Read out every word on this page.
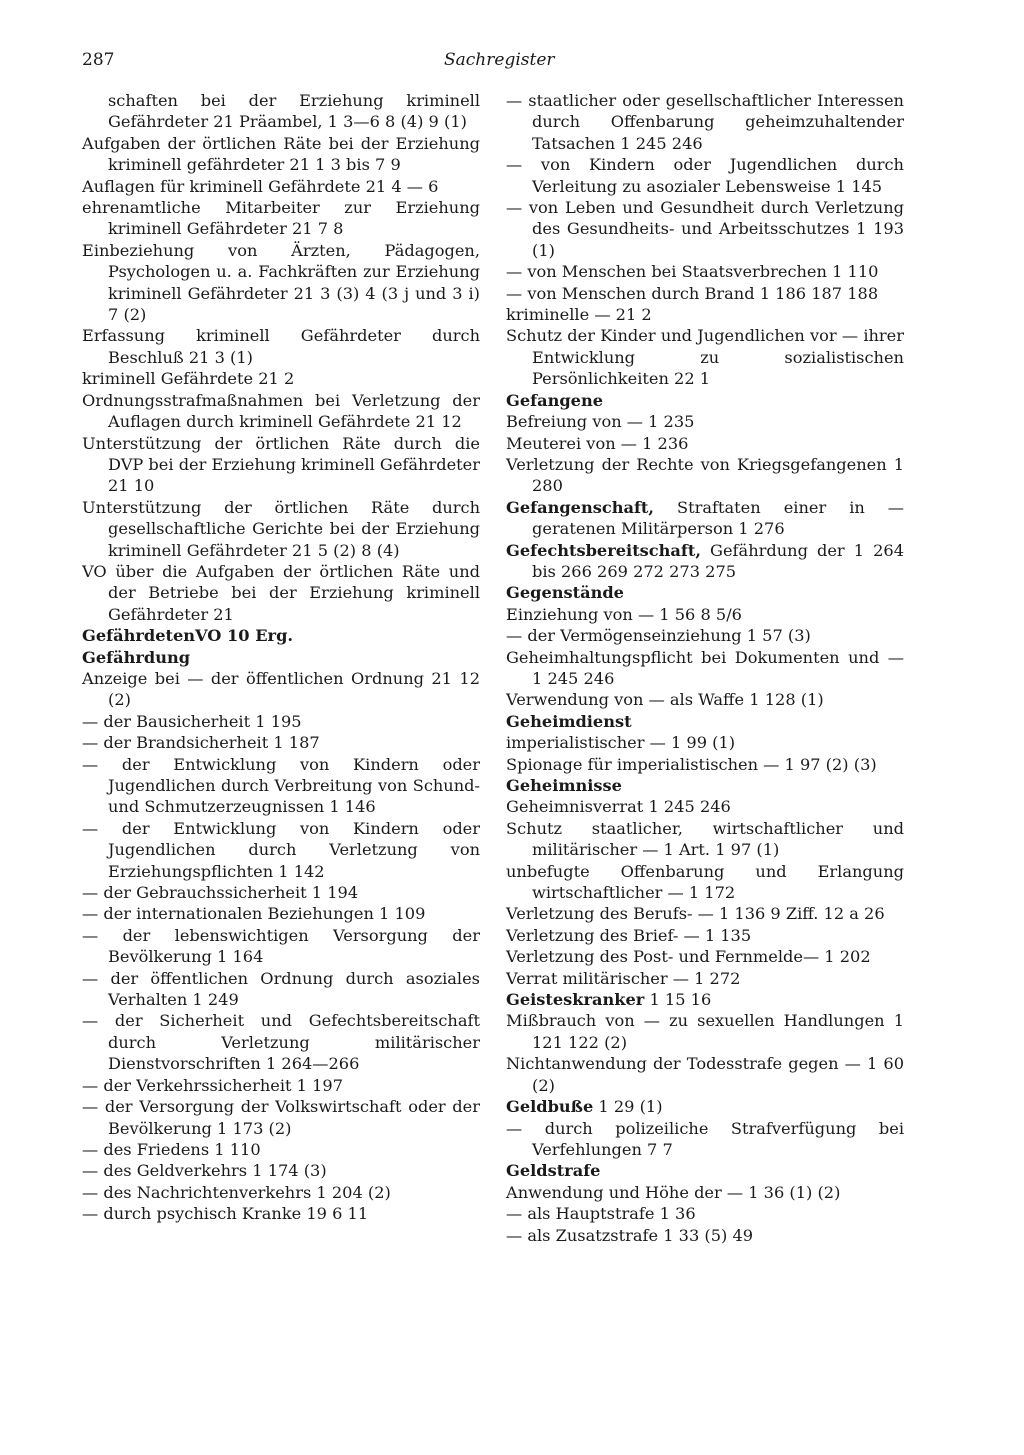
287	Sachregister

schaften bei der Erziehung kriminell Gefährdeter 21 Präambel, 1 3—6 8 (4) 9 (1)

Aufgaben der örtlichen Räte bei der Erziehung kriminell gefährdeter 21 1 3 bis 7 9

Auflagen für kriminell Gefährdete 21 4 — 6

ehrenamtliche Mitarbeiter zur Erziehung kriminell Gefährdeter 21 7 8

Einbeziehung von Ärzten, Pädagogen, Psychologen u. a. Fachkräften zur Erziehung kriminell Gefährdeter 21 3 (3) 4 (3 j und 3 i) 7 (2)

Erfassung kriminell Gefährdeter durch Beschluß 21 3 (1)

kriminell Gefährdete 21 2

Ordnungsstrafmaßnahmen bei Verletzung der Auflagen durch kriminell Gefährdete 21 12

Unterstützung der örtlichen Räte durch die DVP bei der Erziehung kriminell Gefährdeter 21 10

Unterstützung der örtlichen Räte durch gesellschaftliche Gerichte bei der Erziehung kriminell Gefährdeter 21 5 (2) 8 (4)

VO über die Aufgaben der örtlichen Räte und der Betriebe bei der Erziehung kriminell Gefährdeter 21

GefährdetenVO 10 Erg.

Gefährdung

Anzeige bei — der öffentlichen Ordnung 21 12 (2)

— der Bausicherheit 1 195

— der Brandsicherheit 1 187

— der Entwicklung von Kindern oder Jugendlichen durch Verbreitung von Schund- und Schmutzerzeugnissen 1 146

— der Entwicklung von Kindern oder Jugendlichen durch Verletzung von Erziehungspflichten 1 142

— der Gebrauchssicherheit 1 194

— der internationalen Beziehungen 1 109

— der lebenswichtigen Versorgung der Bevölkerung 1 164

— der öffentlichen Ordnung durch asoziales Verhalten 1 249

— der Sicherheit und Gefechtsbereitschaft durch Verletzung militärischer Dienstvorschriften 1 264—266

— der Verkehrssicherheit 1 197

— der Versorgung der Volkswirtschaft oder der Bevölkerung 1 173 (2)

— des Friedens 1 110

— des Geldverkehrs 1 174 (3)

— des Nachrichtenverkehrs 1 204 (2)

— durch psychisch Kranke 19 6 11

— staatlicher oder gesellschaftlicher Interessen durch Offenbarung geheimzuhaltender Tatsachen 1 245 246

— von Kindern oder Jugendlichen durch Verleitung zu asozialer Lebensweise 1 145

— von Leben und Gesundheit durch Verletzung des Gesundheits- und Arbeitsschutzes 1 193 (1)

— von Menschen bei Staatsverbrechen 1 110

— von Menschen durch Brand 1 186 187 188

kriminelle — 21 2

Schutz der Kinder und Jugendlichen vor — ihrer Entwicklung zu sozialistischen Persönlichkeiten 22 1

Gefangene

Befreiung von — 1 235

Meuterei von — 1 236

Verletzung der Rechte von Kriegsgefangenen 1 280

Gefangenschaft, Straftaten einer in — geratenen Militärperson 1 276

Gefechtsbereitschaft, Gefährdung der 1 264 bis 266 269 272 273 275

Gegenstände

Einziehung von — 1 56 8 5/6

— der Vermögenseinziehung 1 57 (3)

Geheimhaltungspflicht bei Dokumenten und — 1 245 246

Verwendung von — als Waffe 1 128 (1)

Geheimdienst

imperialistischer — 1 99 (1)

Spionage für imperialistischen — 1 97 (2) (3)

Geheimnisse

Geheimnisverrat 1 245 246

Schutz staatlicher, wirtschaftlicher und militärischer — 1 Art. 1 97 (1)

unbefugte Offenbarung und Erlangung wirtschaftlicher — 1 172

Verletzung des Berufs- — 1 136 9 Ziff. 12 a 26

Verletzung des Brief- — 1 135

Verletzung des Post- und Fernmelde— 1 202

Verrat militärischer — 1 272

Geisteskranker 1 15 16

Mißbrauch von — zu sexuellen Handlungen 1 121 122 (2)

Nichtanwendung der Todesstrafe gegen — 1 60 (2)

Geldbuße 1 29 (1)

— durch polizeiliche Strafverfügung bei Verfehlungen 7 7

Geldstrafe

Anwendung und Höhe der — 1 36 (1) (2)

— als Hauptstrafe 1 36

— als Zusatzstrafe 1 33 (5) 49
